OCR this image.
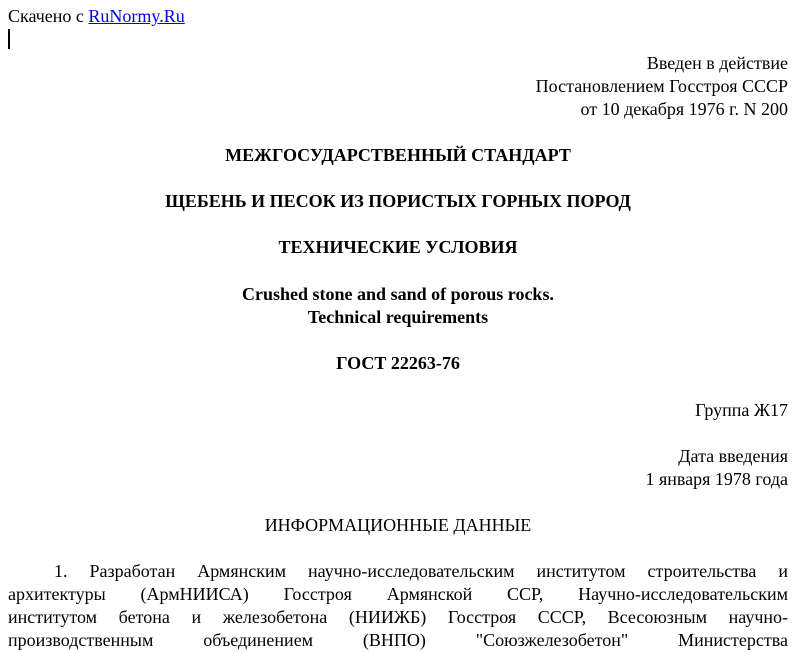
Скачено с RuNormy.Ru
Введен в действие
Постановлением Госстроя СССР
от 10 декабря 1976 г. N 200
МЕЖГОСУДАРСТВЕННЫЙ СТАНДАРТ
ЩЕБЕНЬ И ПЕСОК ИЗ ПОРИСТЫХ ГОРНЫХ ПОРОД
ТЕХНИЧЕСКИЕ УСЛОВИЯ
Crushed stone and sand of porous rocks.
Technical requirements
ГОСТ 22263-76
Группа Ж17
Дата введения
1 января 1978 года
ИНФОРМАЦИОННЫЕ ДАННЫЕ
1. Разработан Армянским научно-исследовательским институтом строительства и
архитектуры (АрмНИИСА) Госстроя Армянской ССР, Научно-исследовательским
институтом бетона и железобетона (НИИЖБ) Госстроя СССР, Всесоюзным научно-
производственным объединением (ВНПО) "Союзжелезобетон" Министерства
